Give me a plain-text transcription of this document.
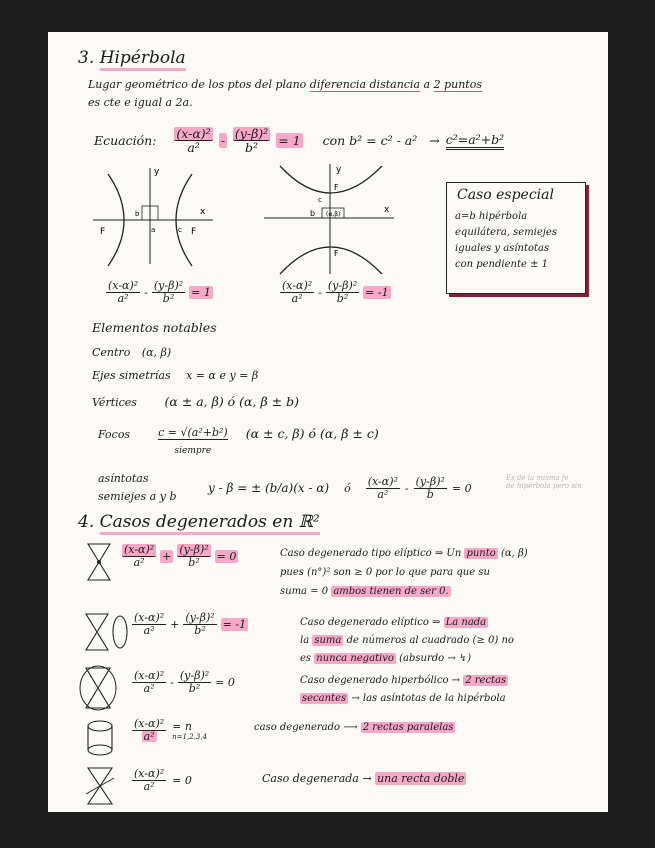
3. Hipérbola
Lugar geométrico de los ptos del plano diferencia distancia a 2 puntos
es cte e igual a 2a.
Ecuación: $\frac{\text{(x-α)²}}{\text{a²}} - \frac{\text{(y-β)²}}{\text{b²}} = 1$ con b² = c² - a² → c²=a²+b²
x
y
F	F
a
b
c
x
y
F
F
(α,β)
b
c	Caso especial
a=b hipérbola
equilátera, semiejes
iguales y asíntotas
con pendiente ± 1
$\frac{\text{(x-α)²}}{\text{a²}} - \frac{\text{(y-β)²}}{\text{b²}} = 1$	$\frac{\text{(x-α)²}}{\text{a²}} - \frac{\text{(y-β)²}}{\text{b²}} = -1$
Elementos notables
Centro (α, β)
Ejes simetrías x = α e y = β
Vértices (α ± a, β) ó (α, β ± b)
Focos	c = √(a²+b²)
siempre
(α ± c, β) ó (α, β ± c)
asíntotas
semiejes a y b
y - β = ± (b/a)(x - α) ó $\frac{\text{(x-α)²}}{\text{a²}} - \frac{\text{(y-β)²}}{b} = 0$
Es de la misma fe
de hipérbola pero sin
4. Casos degenerados en ℝ²
$\frac{\text{(x-α)²}}{\text{a²}} + \frac{\text{(y-β)²}}{\text{b²}} = 0$	Caso degenerado tipo elíptico ⇒ Un punto (α, β)
pues (n°)² son ≥ 0 por lo que para que su
suma = 0 ambos tienen de ser 0.
$\frac{\text{(x-α)²}}{\text{a²}} + \frac{\text{(y-β)²}}{\text{b²}} = -1$	Caso degenerado elíptico ⇒ La nada
la suma de números al cuadrado (≥ 0) no
es nunca negativo (absurdo → ↯)
$\frac{\text{(x-α)²}}{\text{a²}} - \frac{\text{(y-β)²}}{\text{b²}} = 0$	Caso degenerado hiperbólico → 2 rectas
secantes → las asíntotas de la hipérbola
$\frac{\text{(x-α)²}}{\text{a²}} = n$
n=1,2,3,4
caso degenerado ⟶ 2 rectas paralelas
$\frac{\text{(x-α)²}}{\text{a²}} = 0$	Caso degenerada → una recta doble
